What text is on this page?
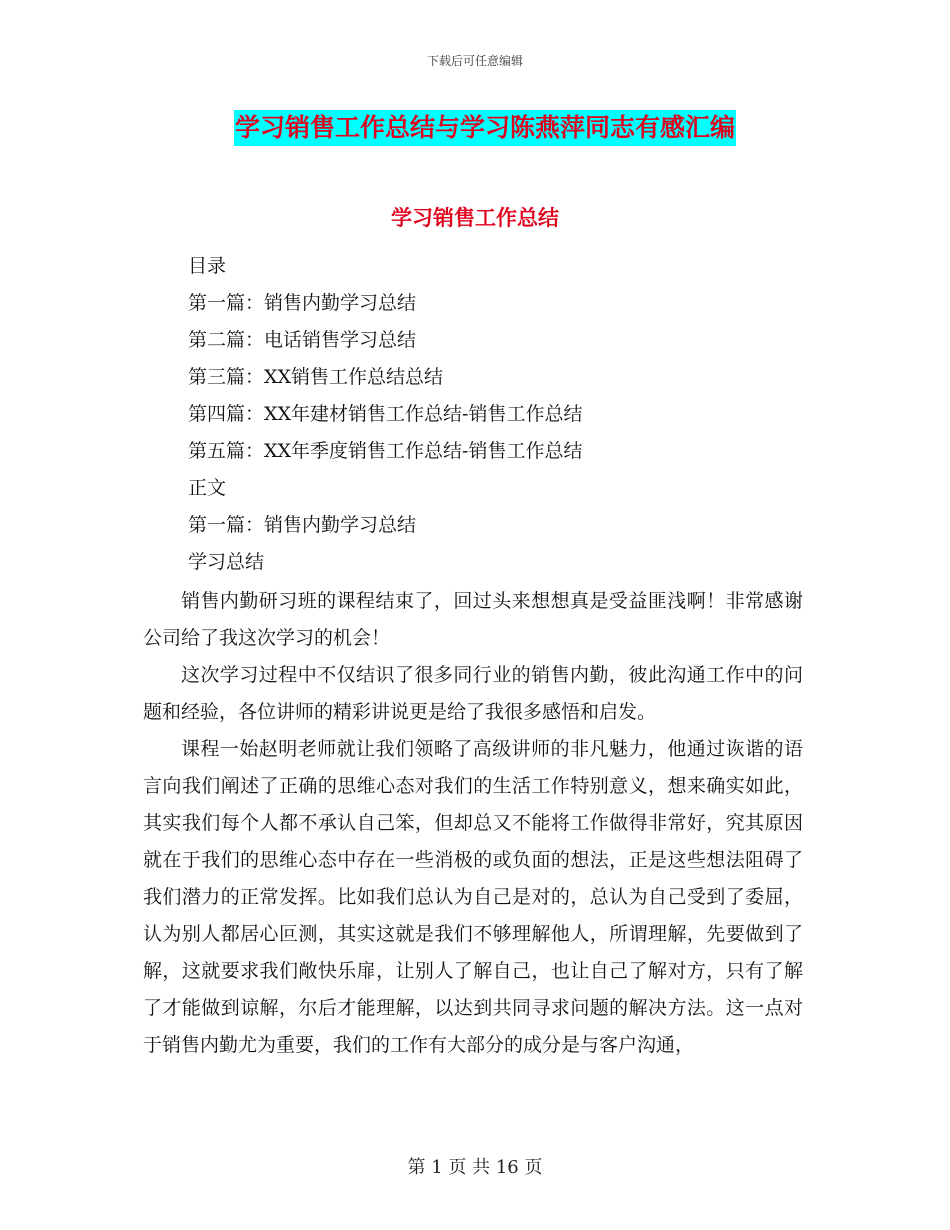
下载后可任意编辑
学习销售工作总结与学习陈燕萍同志有感汇编
学习销售工作总结
目录
第一篇：销售内勤学习总结
第二篇：电话销售学习总结
第三篇：XX销售工作总结总结
第四篇：XX年建材销售工作总结-销售工作总结
第五篇：XX年季度销售工作总结-销售工作总结
正文
第一篇：销售内勤学习总结
学习总结

销售内勤研习班的课程结束了，回过头来想想真是受益匪浅啊！非常感谢公司给了我这次学习的机会！

这次学习过程中不仅结识了很多同行业的销售内勤，彼此沟通工作中的问题和经验，各位讲师的精彩讲说更是给了我很多感悟和启发。

课程一始赵明老师就让我们领略了高级讲师的非凡魅力，他通过诙谐的语言向我们阐述了正确的思维心态对我们的生活工作特别意义，想来确实如此，其实我们每个人都不承认自己笨，但却总又不能将工作做得非常好，究其原因就在于我们的思维心态中存在一些消极的或负面的想法，正是这些想法阻碍了我们潜力的正常发挥。比如我们总认为自己是对的，总认为自己受到了委屈，认为别人都居心叵测，其实这就是我们不够理解他人，所谓理解，先要做到了解，这就要求我们敞快乐扉，让别人了解自己，也让自己了解对方，只有了解了才能做到谅解，尔后才能理解，以达到共同寻求问题的解决方法。这一点对于销售内勤尤为重要，我们的工作有大部分的成分是与客户沟通，

第 1 页 共 16 页
